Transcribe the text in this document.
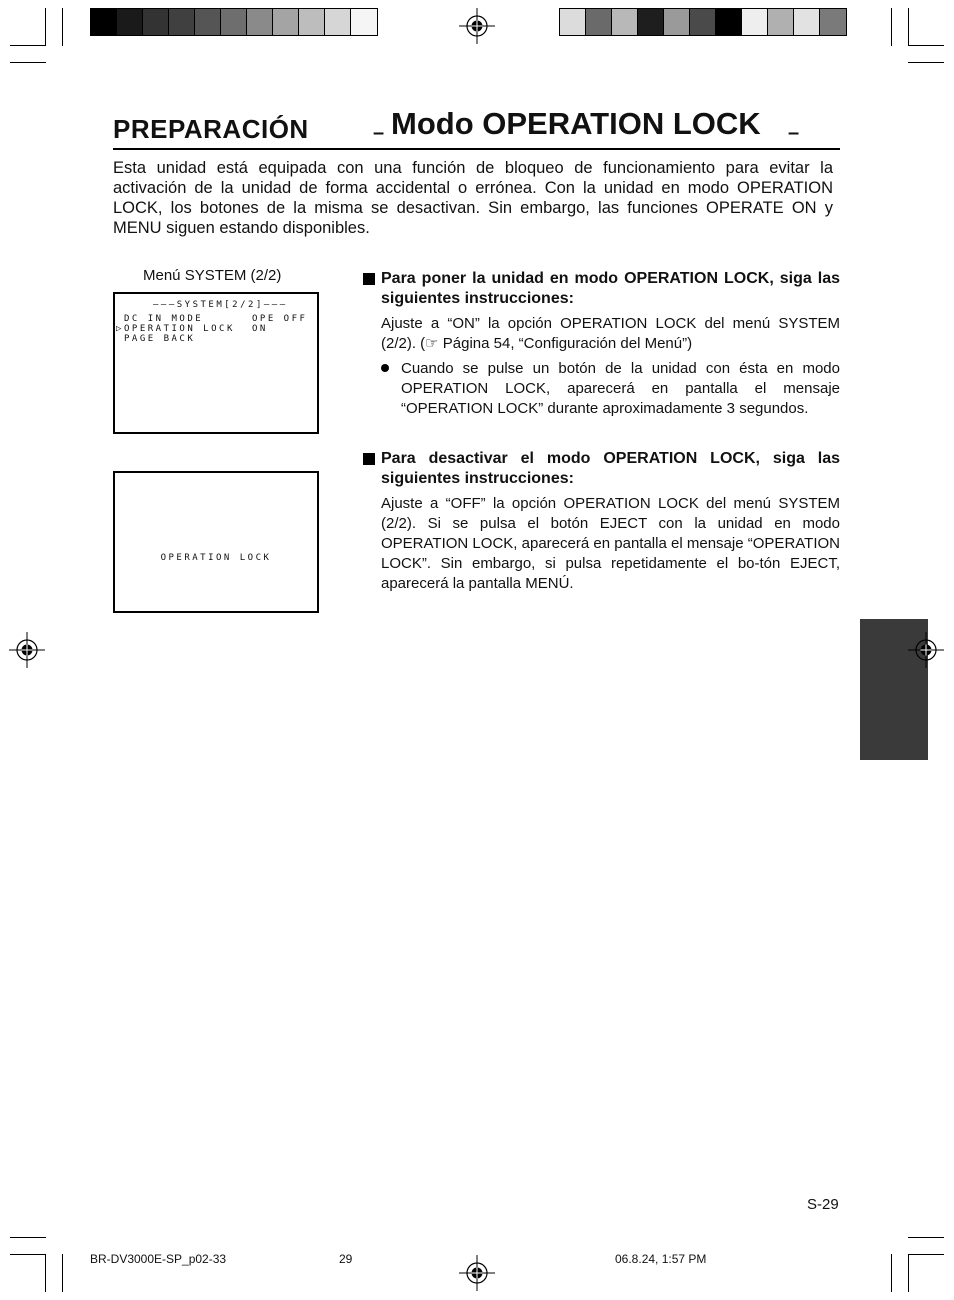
PREPARACIÓN	– Modo OPERATION LOCK –
Esta unidad está equipada con una función de bloqueo de funcionamiento para evitar la activación de la unidad de forma accidental o errónea. Con la unidad en modo OPERATION LOCK, los botones de la misma se desactivan. Sin embargo, las funciones OPERATE ON y MENU siguen estando disponibles.
Menú SYSTEM (2/2)
–––SYSTEM[2/2]–––
DC IN MODE	OPE OFF
▷ OPERATION LOCK ON
PAGE BACK
OPERATION LOCK
Para poner la unidad en modo OPERATION LOCK, siga las siguientes instrucciones:
Ajuste a “ON” la opción OPERATION LOCK del menú SYSTEM (2/2). (☞ Página 54, “Configuración del Menú”)
Cuando se pulse un botón de la unidad con ésta en modo OPERATION LOCK, aparecerá en pantalla el mensaje “OPERATION LOCK” durante aproximadamente 3 segundos.
Para desactivar el modo OPERATION LOCK, siga las siguientes instrucciones:
Ajuste a “OFF” la opción OPERATION LOCK del menú SYSTEM (2/2). Si se pulsa el botón EJECT con la unidad en modo OPERATION LOCK, aparecerá en pantalla el mensaje “OPERATION LOCK”. Sin embargo, si pulsa repetidamente el bo-tón EJECT, aparecerá la pantalla MENÚ.
S-29
BR-DV3000E-SP_p02-33	29	06.8.24, 1:57 PM
